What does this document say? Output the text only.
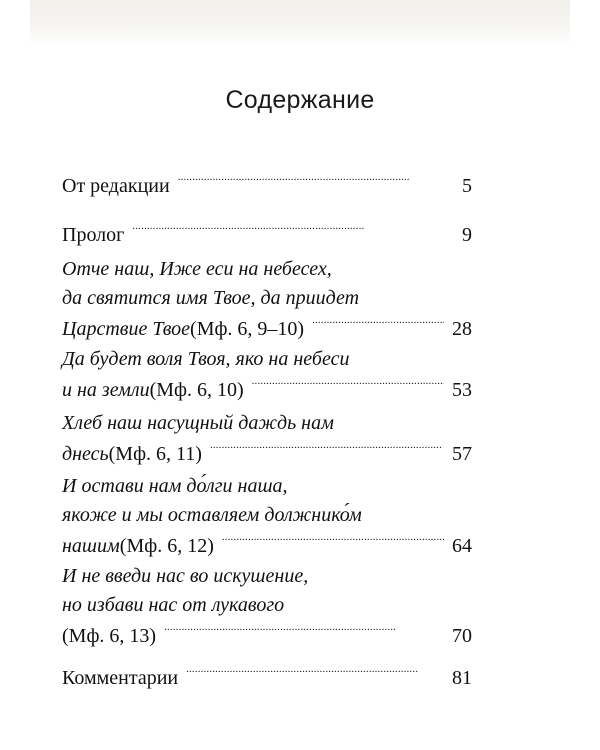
Содержание
От редакции . . .	5
Пролог . . .	9
Отче наш, Иже еси на небесех,
да святится имя Твое, да приидет
Царствие Твое (Мф. 6, 9–10) . . .	28
Да будет воля Твоя, яко на небеси
и на земли (Мф. 6, 10) . . .	53
Хлеб наш насущный даждь нам
днесь (Мф. 6, 11) . . .	57
И остави нам до́лги наша,
якоже и мы оставляем должнико́м
нашим (Мф. 6, 12) . . .	64
И не введи нас во искушение,
но избави нас от лукавого
(Мф. 6, 13) . . .	70
Комментарии . . .	81
